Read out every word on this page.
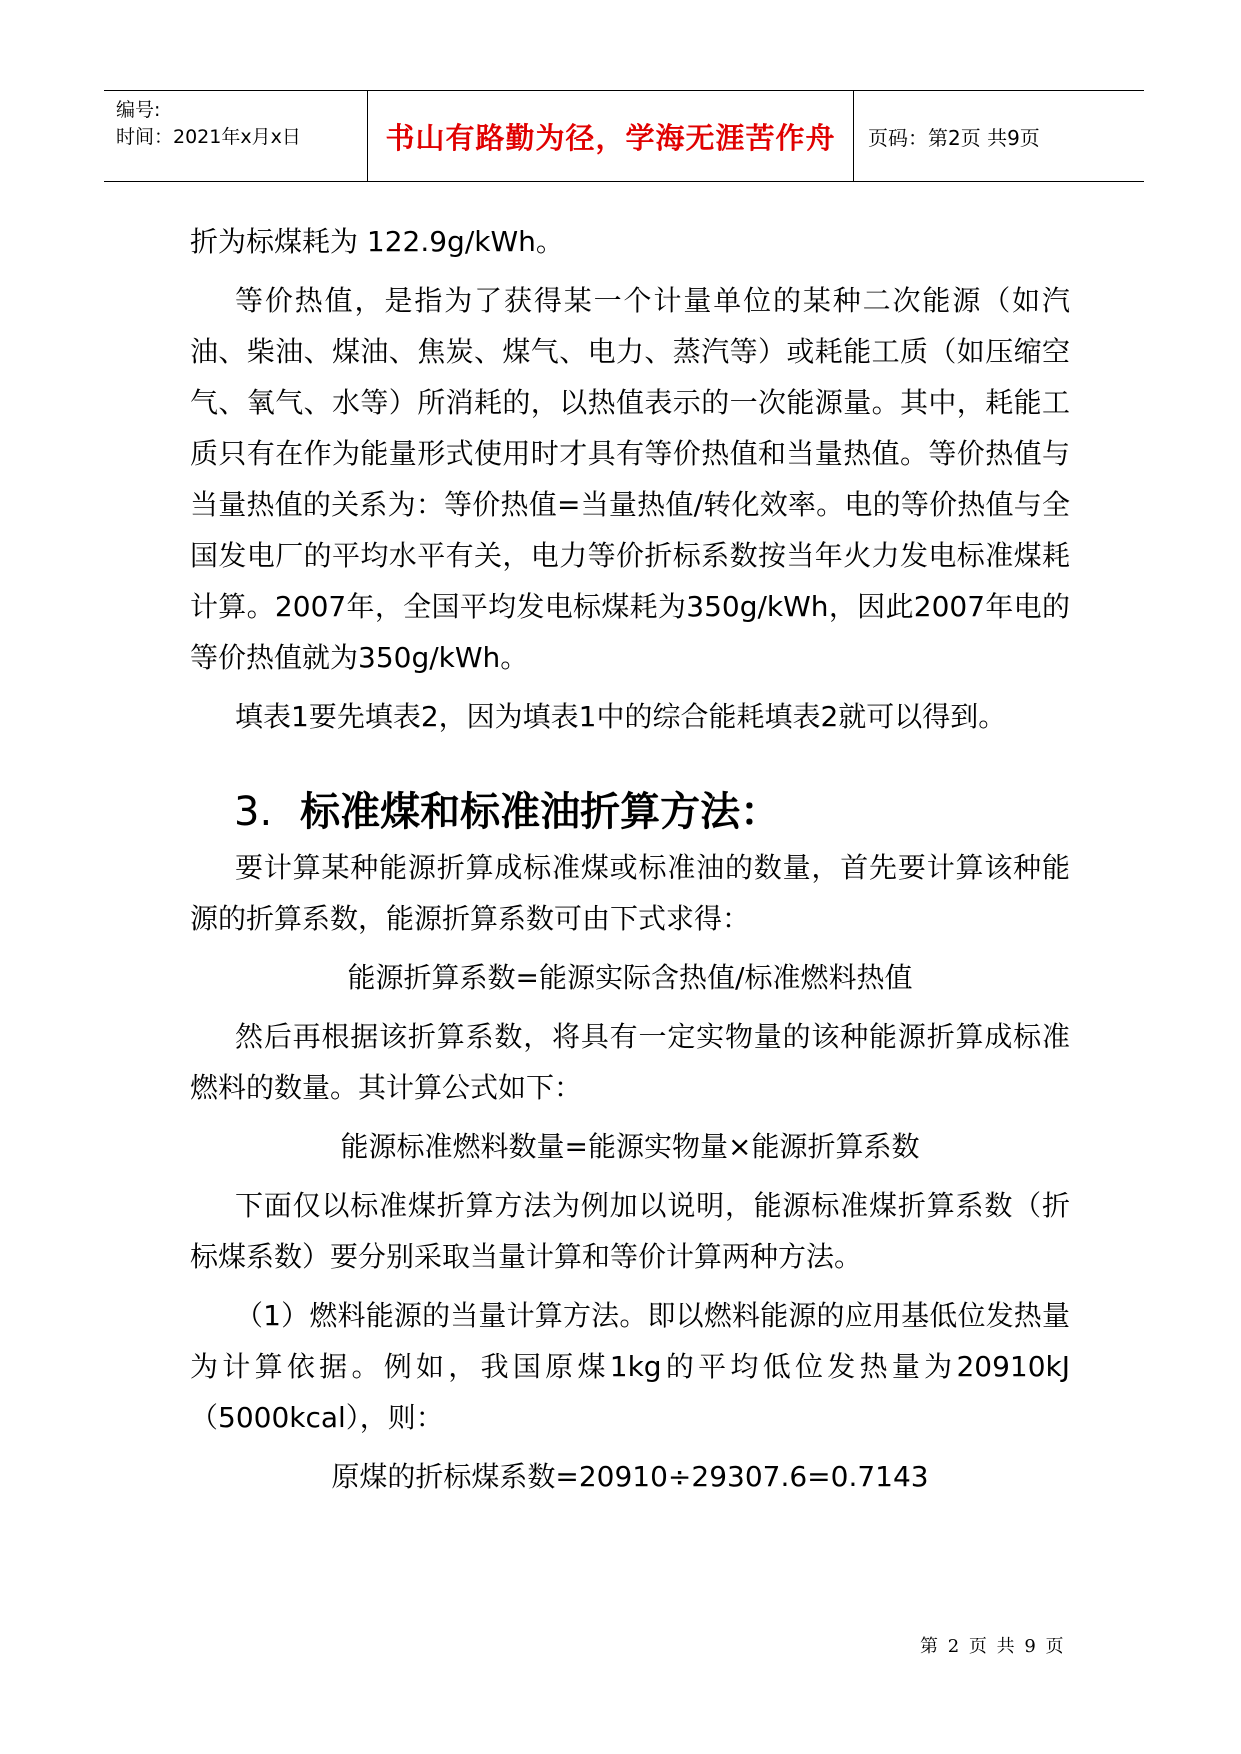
编号:
时间：2021年x月x日	书山有路勤为径，学海无涯苦作舟	页码：第2页 共9页

折为标煤耗为 122.9g/kWh。

等价热值，是指为了获得某一个计量单位的某种二次能源（如汽油、柴油、煤油、焦炭、煤气、电力、蒸汽等）或耗能工质（如压缩空气、氧气、水等）所消耗的，以热值表示的一次能源量。其中，耗能工质只有在作为能量形式使用时才具有等价热值和当量热值。等价热值与当量热值的关系为：等价热值=当量热值/转化效率。电的等价热值与全国发电厂的平均水平有关，电力等价折标系数按当年火力发电标准煤耗计算。2007年，全国平均发电标煤耗为350g/kWh，因此2007年电的等价热值就为350g/kWh。

填表1要先填表2，因为填表1中的综合能耗填表2就可以得到。

3. 标准煤和标准油折算方法：

要计算某种能源折算成标准煤或标准油的数量，首先要计算该种能源的折算系数，能源折算系数可由下式求得：

能源折算系数=能源实际含热值/标准燃料热值

然后再根据该折算系数，将具有一定实物量的该种能源折算成标准燃料的数量。其计算公式如下：

能源标准燃料数量=能源实物量×能源折算系数

下面仅以标准煤折算方法为例加以说明，能源标准煤折算系数（折标煤系数）要分别采取当量计算和等价计算两种方法。

（1）燃料能源的当量计算方法。即以燃料能源的应用基低位发热量为计算依据。例如，我国原煤1kg的平均低位发热量为20910kJ（5000kcal），则：

原煤的折标煤系数=20910÷29307.6=0.7143
第 2 页 共 9 页
